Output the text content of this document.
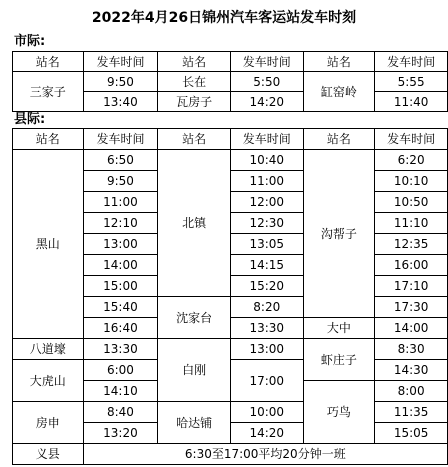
2022年4月26日锦州汽车客运站发车时刻
市际:
站名	发车时间	站名	发车时间	站名	发车时间
三家子	9:50	长在	5:50	缸窑岭	5:55
	13:40	瓦房子	14:20		11:40
县际:
站名	发车时间	站名	发车时间	站名	发车时间
黑山	6:50	北镇	10:40	沟帮子	6:20
	9:50		11:00		10:10
	11:00		12:00		10:50
	12:10		12:30		11:10
	13:00		13:05		12:35
	14:00		14:15		16:00
	15:00		15:20		17:10
	15:40	沈家台	8:20		17:30
	16:40		13:30	大中	14:00
八道壕	13:30	白刚	13:00	虾庄子	8:30
大虎山	6:00		17:00		14:30
	14:10			巧鸟	8:00
房申	8:40	哈达铺	10:00		11:35
	13:20		14:20		15:05
义县	6:30至17:00平均20分钟一班				
